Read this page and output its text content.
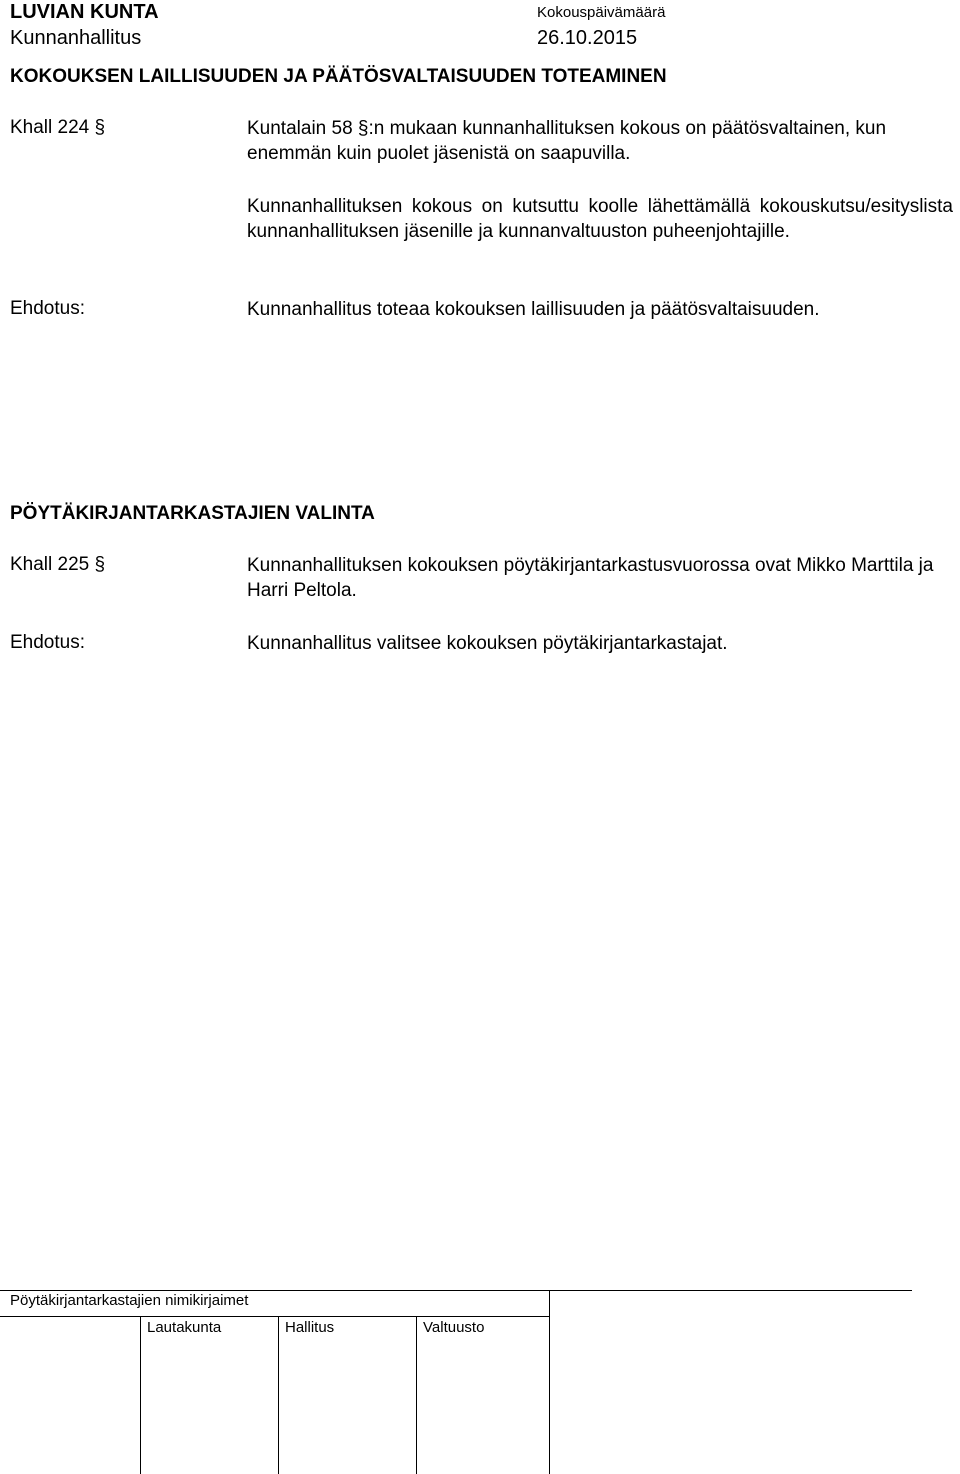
LUVIAN KUNTA
Kunnanhallitus
Kokouspäivämäärä
26.10.2015
KOKOUKSEN LAILLISUUDEN JA PÄÄTÖSVALTAISUUDEN TOTEAMINEN
Khall 224 §	Kuntalain 58 §:n mukaan kunnanhallituksen kokous on päätösvaltainen, kun enemmän kuin puolet jäsenistä on saapuvilla.
Kunnanhallituksen kokous on kutsuttu koolle lähettämällä kokouskutsu/esityslista kunnanhallituksen jäsenille ja kunnanvaltuuston puheenjohtajille.
Ehdotus:	Kunnanhallitus toteaa kokouksen laillisuuden ja päätösvaltaisuuden.
PÖYTÄKIRJANTARKASTAJIEN VALINTA
Khall 225 §	Kunnanhallituksen kokouksen pöytäkirjantarkastusvuorossa ovat Mikko Marttila ja Harri Peltola.
Ehdotus:	Kunnanhallitus valitsee kokouksen pöytäkirjantarkastajat.
Pöytäkirjantarkastajien nimikirjaimet
Lautakunta	Hallitus	Valtuusto
